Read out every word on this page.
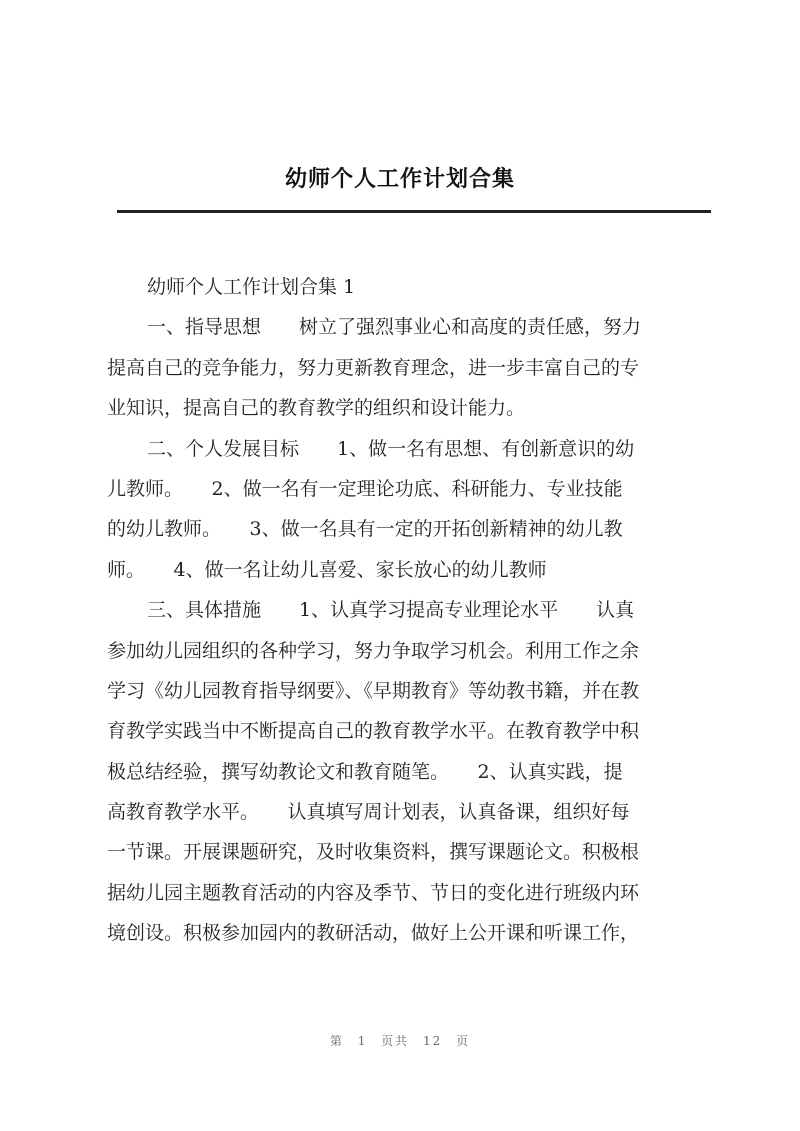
幼师个人工作计划合集
幼师个人工作计划合集 1
一、指导思想　　树立了强烈事业心和高度的责任感，努力
提高自己的竞争能力，努力更新教育理念，进一步丰富自己的专
业知识，提高自己的教育教学的组织和设计能力。
二、个人发展目标　　1、做一名有思想、有创新意识的幼
儿教师。　　2、做一名有一定理论功底、科研能力、专业技能
的幼儿教师。　　3、做一名具有一定的开拓创新精神的幼儿教
师。　　4、做一名让幼儿喜爱、家长放心的幼儿教师
三、具体措施　　1、认真学习提高专业理论水平　　认真
参加幼儿园组织的各种学习，努力争取学习机会。利用工作之余
学习《幼儿园教育指导纲要》、《早期教育》等幼教书籍，并在教
育教学实践当中不断提高自己的教育教学水平。在教育教学中积
极总结经验，撰写幼教论文和教育随笔。　　2、认真实践，提
高教育教学水平。　　认真填写周计划表，认真备课，组织好每
一节课。开展课题研究，及时收集资料，撰写课题论文。积极根
据幼儿园主题教育活动的内容及季节、节日的变化进行班级内环
境创设。积极参加园内的教研活动，做好上公开课和听课工作，
第 1 页共 12 页
